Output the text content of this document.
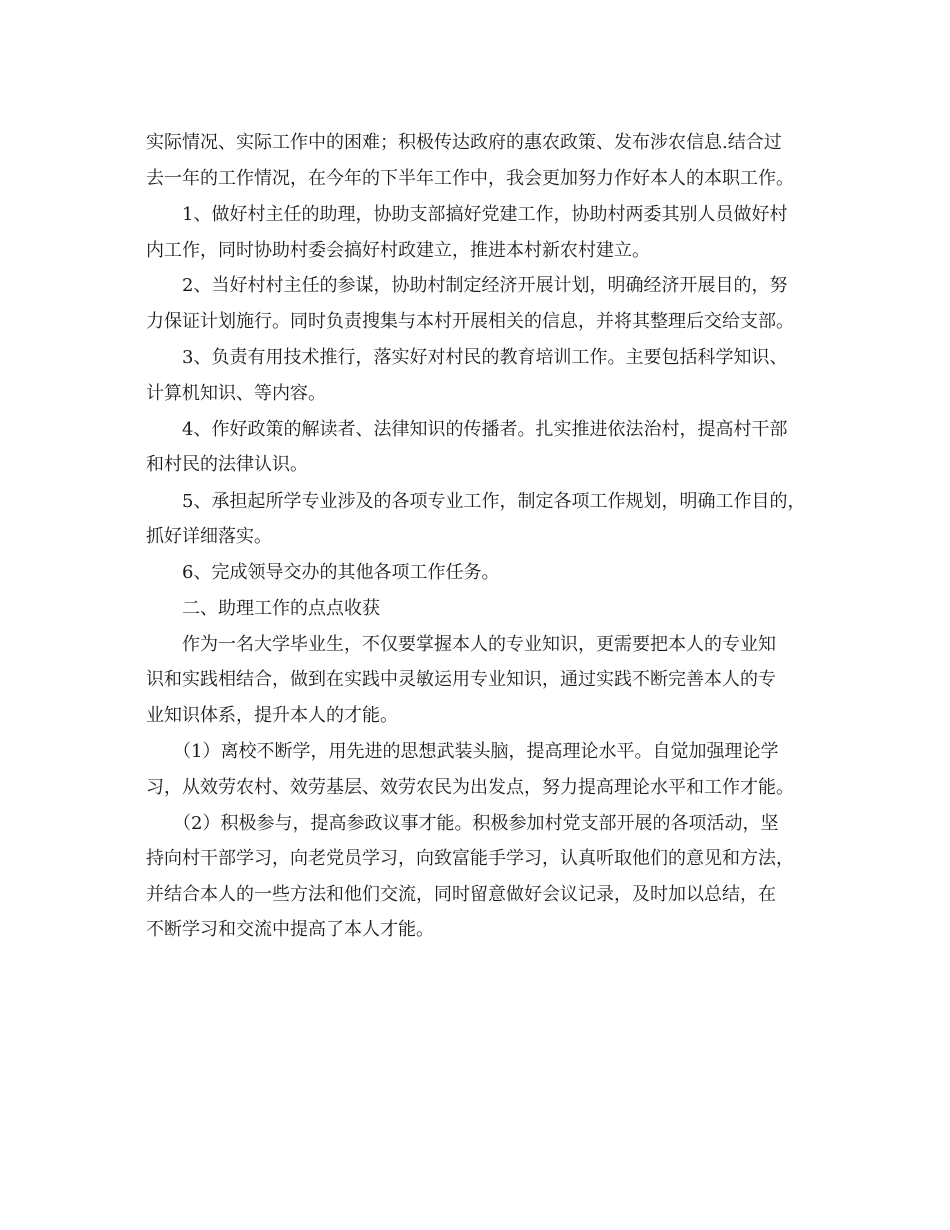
实际情况、实际工作中的困难；积极传达政府的惠农政策、发布涉农信息.结合过
去一年的工作情况，在今年的下半年工作中，我会更加努力作好本人的本职工作。
　　1、做好村主任的助理，协助支部搞好党建工作，协助村两委其别人员做好村
内工作，同时协助村委会搞好村政建立，推进本村新农村建立。
　　2、当好村村主任的参谋，协助村制定经济开展计划，明确经济开展目的，努
力保证计划施行。同时负责搜集与本村开展相关的信息，并将其整理后交给支部。
　　3、负责有用技术推行，落实好对村民的教育培训工作。主要包括科学知识、
计算机知识、等内容。
　　4、作好政策的解读者、法律知识的传播者。扎实推进依法治村，提高村干部
和村民的法律认识。
　　5、承担起所学专业涉及的各项专业工作，制定各项工作规划，明确工作目的，
抓好详细落实。
　　6、完成领导交办的其他各项工作任务。
　　二、助理工作的点点收获
　　作为一名大学毕业生，不仅要掌握本人的专业知识，更需要把本人的专业知
识和实践相结合，做到在实践中灵敏运用专业知识，通过实践不断完善本人的专
业知识体系，提升本人的才能。
　　（1）离校不断学，用先进的思想武装头脑，提高理论水平。自觉加强理论学
习，从效劳农村、效劳基层、效劳农民为出发点，努力提高理论水平和工作才能。
　　（2）积极参与，提高参政议事才能。积极参加村党支部开展的各项活动，坚
持向村干部学习，向老党员学习，向致富能手学习，认真听取他们的意见和方法，
并结合本人的一些方法和他们交流，同时留意做好会议记录，及时加以总结，在
不断学习和交流中提高了本人才能。
